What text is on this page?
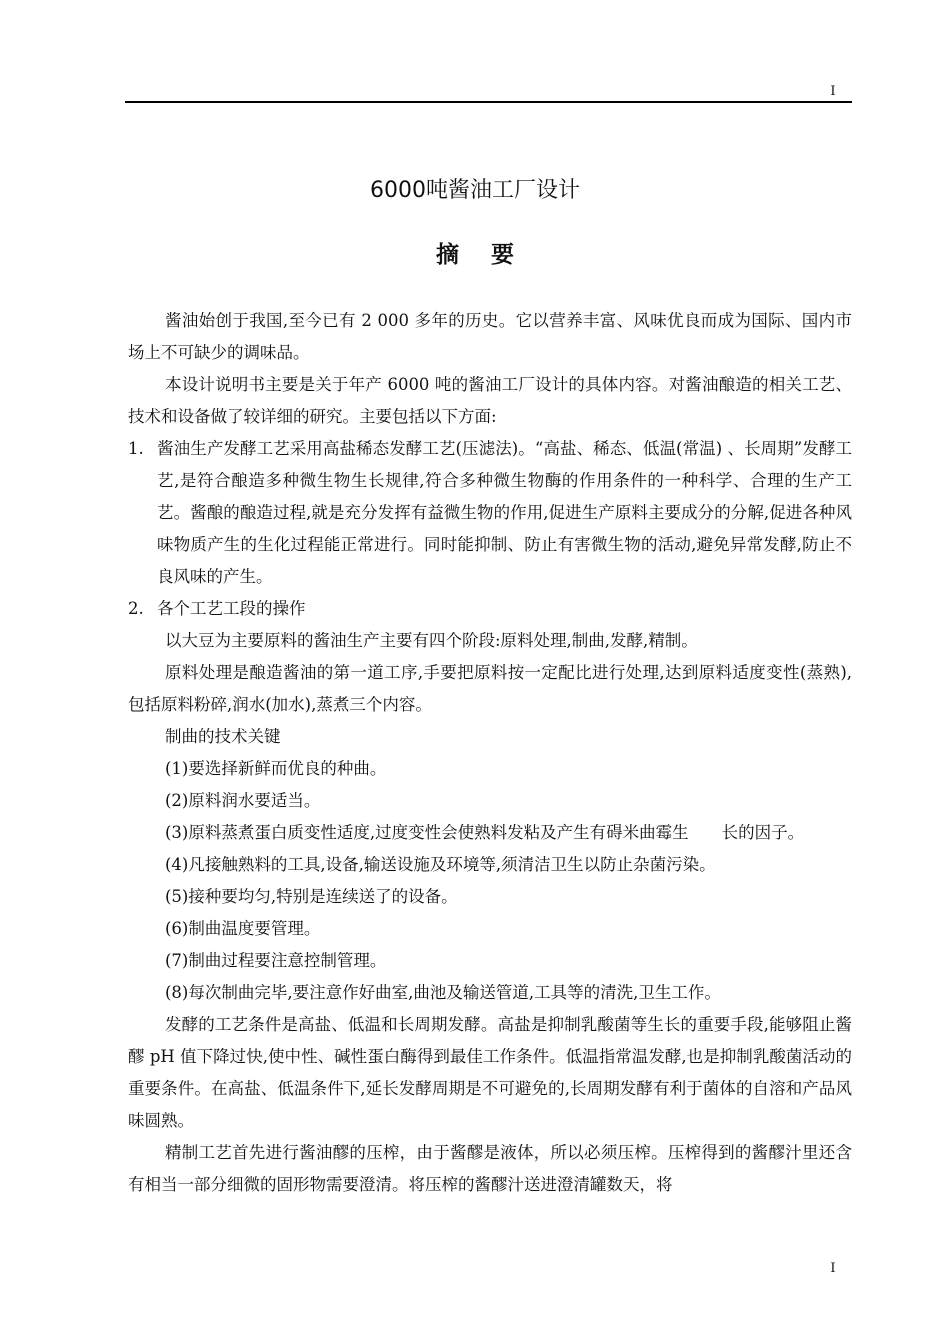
I
6000吨酱油工厂设计
摘 要

酱油始创于我国,至今已有 2 000 多年的历史。它以营养丰富、风味优良而成为国际、国内市场上不可缺少的调味品。

本设计说明书主要是关于年产 6000 吨的酱油工厂设计的具体内容。对酱油酿造的相关工艺、技术和设备做了较详细的研究。主要包括以下方面:

1. 酱油生产发酵工艺采用高盐稀态发酵工艺(压滤法)。“高盐、稀态、低温(常温) 、长周期”发酵工艺,是符合酿造多种微生物生长规律,符合多种微生物酶的作用条件的一种科学、合理的生产工艺。酱酿的酿造过程,就是充分发挥有益微生物的作用,促进生产原料主要成分的分解,促进各种风味物质产生的生化过程能正常进行。同时能抑制、防止有害微生物的活动,避免异常发酵,防止不良风味的产生。

2. 各个工艺工段的操作

以大豆为主要原料的酱油生产主要有四个阶段:原料处理,制曲,发酵,精制。

原料处理是酿造酱油的第一道工序,手要把原料按一定配比进行处理,达到原料适度变性(蒸熟),包括原料粉碎,润水(加水),蒸煮三个内容。

制曲的技术关键

(1)要选择新鲜而优良的种曲。

(2)原料润水要适当。

(3)原料蒸煮蛋白质变性适度,过度变性会使熟料发粘及产生有碍米曲霉生　　长的因子。

(4)凡接触熟料的工具,设备,输送设施及环境等,须清洁卫生以防止杂菌污染。

(5)接种要均匀,特别是连续送了的设备。

(6)制曲温度要管理。

(7)制曲过程要注意控制管理。

(8)每次制曲完毕,要注意作好曲室,曲池及输送管道,工具等的清洗,卫生工作。

发酵的工艺条件是高盐、低温和长周期发酵。高盐是抑制乳酸菌等生长的重要手段,能够阻止酱醪 pH 值下降过快,使中性、碱性蛋白酶得到最佳工作条件。低温指常温发酵,也是抑制乳酸菌活动的重要条件。在高盐、低温条件下,延长发酵周期是不可避免的,长周期发酵有利于菌体的自溶和产品风味圆熟。

精制工艺首先进行酱油醪的压榨，由于酱醪是液体，所以必须压榨。压榨得到的酱醪汁里还含有相当一部分细微的固形物需要澄清。将压榨的酱醪汁送进澄清罐数天，将

I
